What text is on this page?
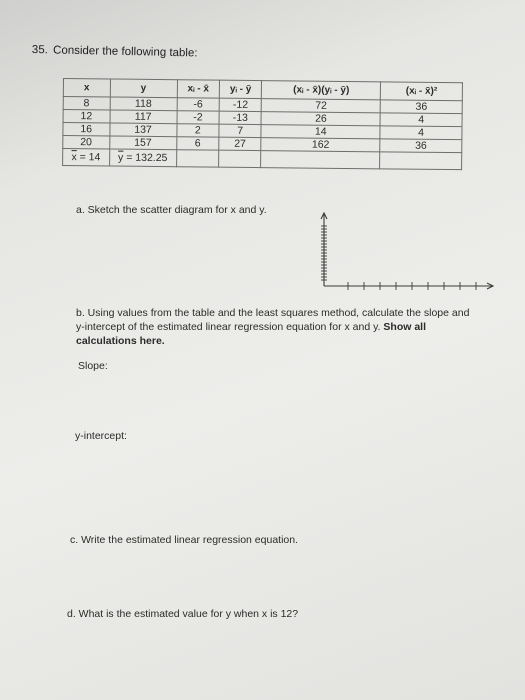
35. Consider the following table:
x	y	xᵢ - x̄	yᵢ - ȳ	(xᵢ - x̄)(yᵢ - ȳ)	(xᵢ - x̄)²
8	118	-6	-12	72	36
12	117	-2	-13	26	4
16	137	2	7	14	4
20	157	6	27	162	36
$\overline{x} = 14$	$\overline{y} = 132.25$				
a. Sketch the scatter diagram for x and y.
b. Using values from the table and the least squares method, calculate the slope and y-intercept of the estimated linear regression equation for x and y. Show all calculations here.
Slope:
y-intercept:
c. Write the estimated linear regression equation.
d. What is the estimated value for y when x is 12?
